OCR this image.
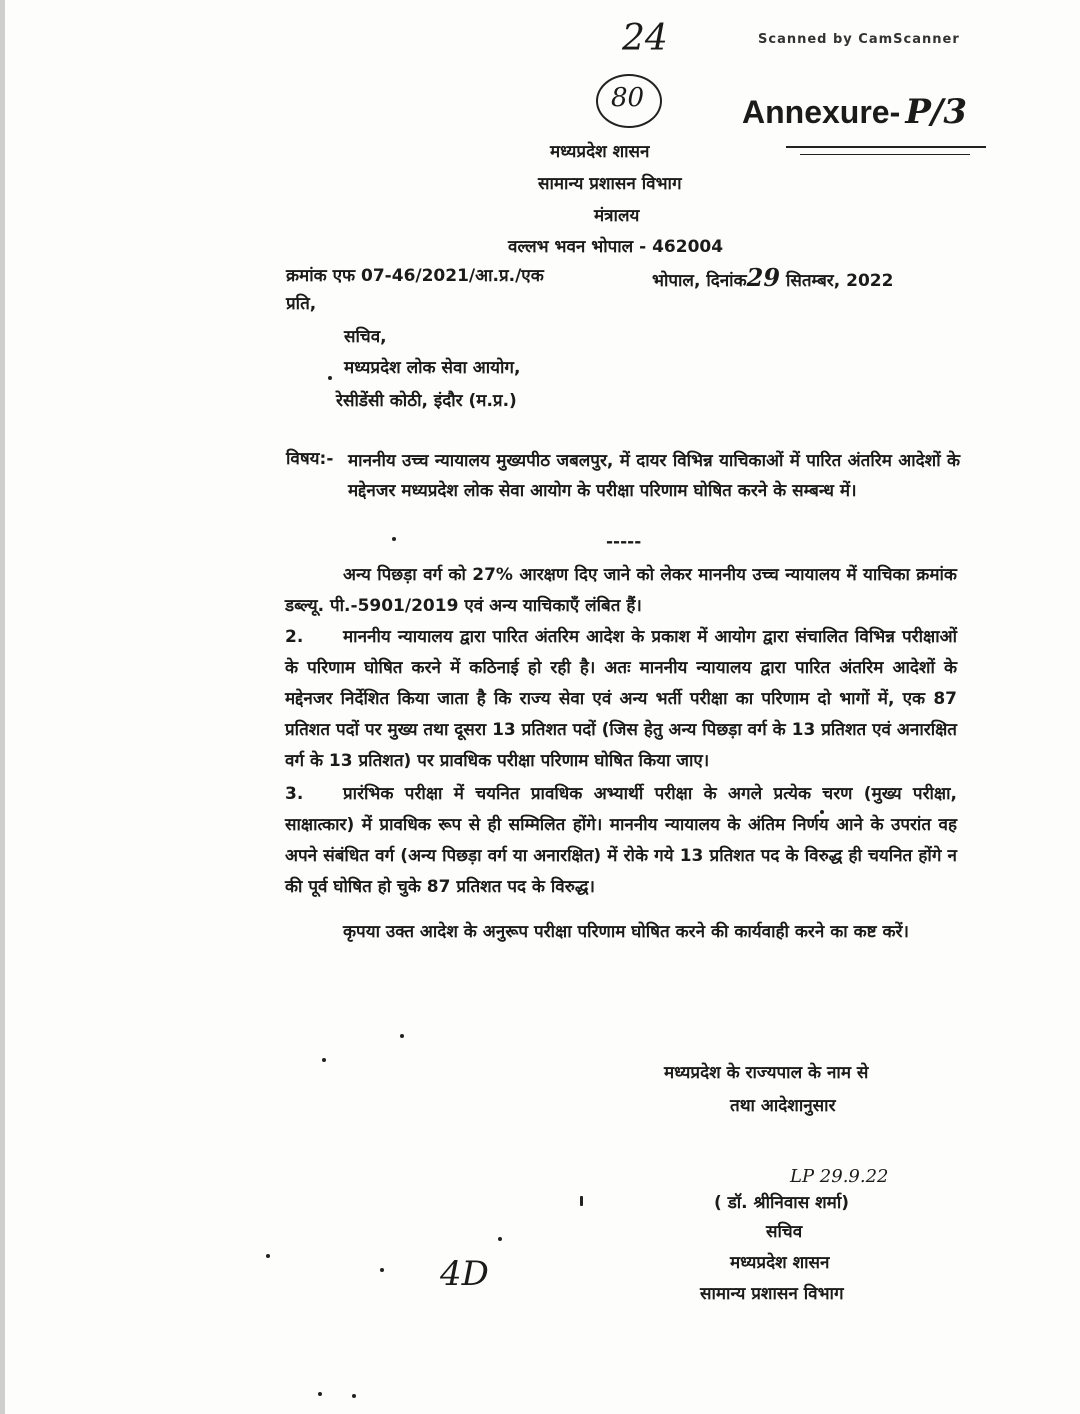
24	Scanned by CamScanner
80	Annexure- P/3
मध्यप्रदेश शासन
सामान्य प्रशासन विभाग
मंत्रालय
वल्लभ भवन भोपाल - 462004
क्रमांक एफ 07-46/2021/आ.प्र./एक	भोपाल, दिनांक29 सितम्बर, 2022
प्रति,
सचिव,
मध्यप्रदेश लोक सेवा आयोग,
रेसीडेंसी कोठी, इंदौर (म.प्र.)
विषय:- माननीय उच्च न्यायालय मुख्यपीठ जबलपुर, में दायर विभिन्न याचिकाओं में पारित अंतरिम आदेशों के मद्देनजर मध्यप्रदेश लोक सेवा आयोग के परीक्षा परिणाम घोषित करने के सम्बन्ध में।
-----

अन्य पिछड़ा वर्ग को 27% आरक्षण दिए जाने को लेकर माननीय उच्च न्यायालय में याचिका क्रमांक डब्ल्यू. पी.-5901/2019 एवं अन्य याचिकाएँ लंबित हैं।

2. माननीय न्यायालय द्वारा पारित अंतरिम आदेश के प्रकाश में आयोग द्वारा संचालित विभिन्न परीक्षाओं के परिणाम घोषित करने में कठिनाई हो रही है। अतः माननीय न्यायालय द्वारा पारित अंतरिम आदेशों के मद्देनजर निर्देशित किया जाता है कि राज्य सेवा एवं अन्य भर्ती परीक्षा का परिणाम दो भागों में, एक 87 प्रतिशत पदों पर मुख्य तथा दूसरा 13 प्रतिशत पदों (जिस हेतु अन्य पिछड़ा वर्ग के 13 प्रतिशत एवं अनारक्षित वर्ग के 13 प्रतिशत) पर प्रावधिक परीक्षा परिणाम घोषित किया जाए।

3. प्रारंभिक परीक्षा में चयनित प्रावधिक अभ्यार्थी परीक्षा के अगले प्रत्येक चरण (मुख्य परीक्षा, साक्षात्कार) में प्रावधिक रूप से ही सम्मिलित होंगे। माननीय न्यायालय के अंतिम निर्णय आने के उपरांत वह अपने संबंधित वर्ग (अन्य पिछड़ा वर्ग या अनारक्षित) में रोके गये 13 प्रतिशत पद के विरुद्ध ही चयनित होंगे न की पूर्व घोषित हो चुके 87 प्रतिशत पद के विरुद्ध।

कृपया उक्त आदेश के अनुरूप परीक्षा परिणाम घोषित करने की कार्यवाही करने का कष्ट करें।

मध्यप्रदेश के राज्यपाल के नाम से
तथा आदेशानुसार
LP 29.9.22
( डॉ. श्रीनिवास शर्मा)
सचिव
मध्यप्रदेश शासन
सामान्य प्रशासन विभाग
4D
